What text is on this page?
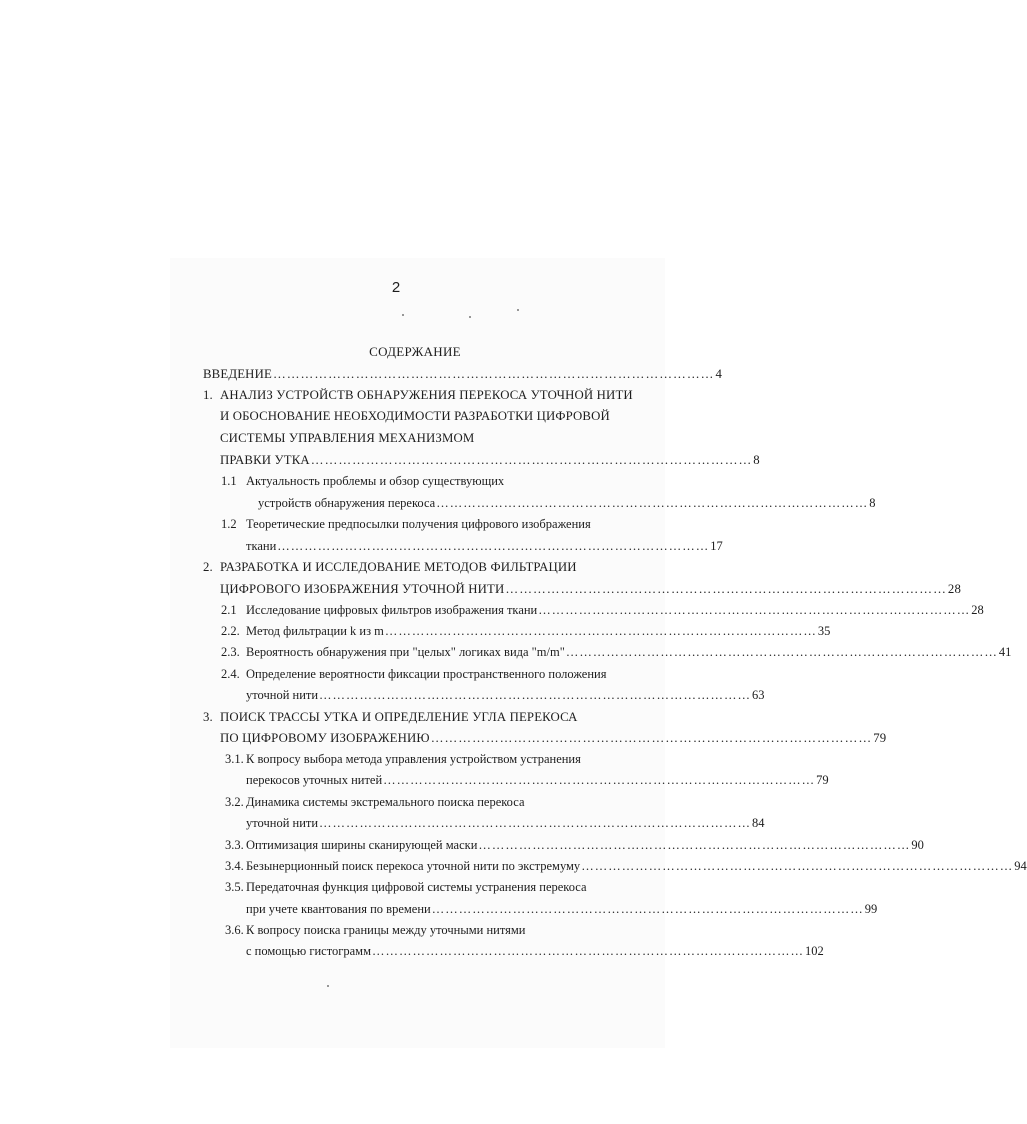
2
СОДЕРЖАНИЕ
ВВЕДЕНИЕ …………………………………………………………………………………… 4
1. АНАЛИЗ УСТРОЙСТВ ОБНАРУЖЕНИЯ ПЕРЕКОСА УТОЧНОЙ НИТИ
И ОБОСНОВАНИЕ НЕОБХОДИМОСТИ РАЗРАБОТКИ ЦИФРОВОЙ
СИСТЕМЫ УПРАВЛЕНИЯ МЕХАНИЗМОМ
ПРАВКИ УТКА …………………………………………………………………………………… 8
1.1 Актуальность проблемы и обзор существующих
устройств обнаружения перекоса …………………………………………………………………………………… 8
1.2 Теоретические предпосылки получения цифрового изображения
ткани …………………………………………………………………………………… 17
2. РАЗРАБОТКА И ИССЛЕДОВАНИЕ МЕТОДОВ ФИЛЬТРАЦИИ
ЦИФРОВОГО ИЗОБРАЖЕНИЯ УТОЧНОЙ НИТИ …………………………………………………………………………………… 28
2.1 Исследование цифровых фильтров изображения ткани …………………………………………………………………………………… 28
2.2. Метод фильтрации k из m …………………………………………………………………………………… 35
2.3. Вероятность обнаружения при "целых" логиках вида "m/m" …………………………………………………………………………………… 41
2.4. Определение вероятности фиксации пространственного положения
уточной нити …………………………………………………………………………………… 63
3. ПОИСК ТРАССЫ УТКА И ОПРЕДЕЛЕНИЕ УГЛА ПЕРЕКОСА
ПО ЦИФРОВОМУ ИЗОБРАЖЕНИЮ …………………………………………………………………………………… 79
3.1. К вопросу выбора метода управления устройством устранения
перекосов уточных нитей …………………………………………………………………………………… 79
3.2. Динамика системы экстремального поиска перекоса
уточной нити …………………………………………………………………………………… 84
3.3. Оптимизация ширины сканирующей маски …………………………………………………………………………………… 90
3.4. Безынерционный поиск перекоса уточной нити по экстремуму …………………………………………………………………………………… 94
3.5. Передаточная функция цифровой системы устранения перекоса
при учете квантования по времени …………………………………………………………………………………… 99
3.6. К вопросу поиска границы между уточными нитями
с помощью гистограмм …………………………………………………………………………………… 102
